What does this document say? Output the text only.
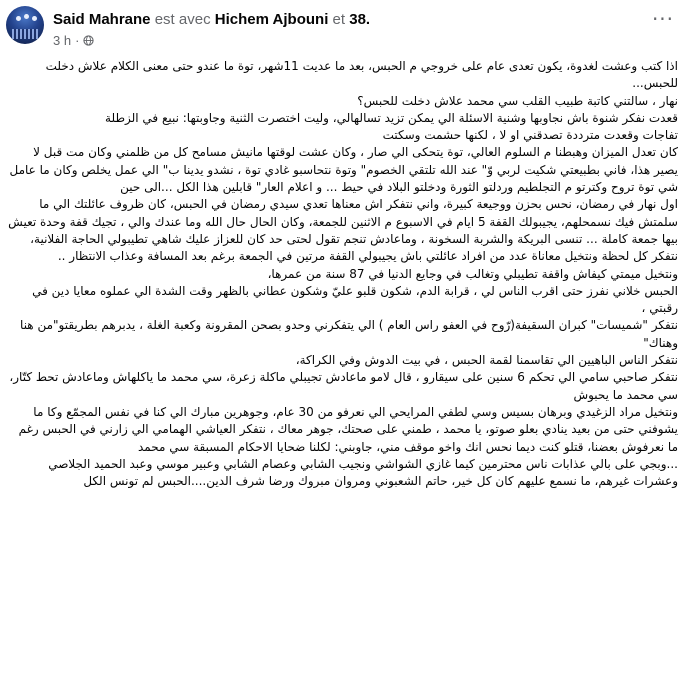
Said Mahrane est avec Hichem Ajbouni et 38.
3 h ·
···

اذا كتب وعشت لغدوة، يكون تعدى عام على خروجي م الحبس، بعد ما عديت 11شهر، توة ما عندو حتى معنى الكلام علاش دخلت للحبس...

نهار ، سالتني كاتبة طبيب القلب سي محمد علاش دخلت للحبس؟

قعدت نفكر شنوة باش نجاوبها وشنية الاسئلة الي يمكن تزيد تسالهالي، وليت اختصرت الثنية وجاوبتها: نبيع في الزطلة

تفاجات وقعدت مترددة تصدقني او لا ، لكنها حشمت وسكتت

كان تعدل الميزان وهبطنا م السلوم العالي، توة يتحكى الي صار ، وكان عشت لوقتها مانيش مسامح كل من ظلمني وكان مت قبل لا يصير هذا، فاني بطبيعتي شكيت لربي وّ" عند الله تلتقي الخصوم" وتوة نتحاسبو غادي توة ، نشدو يدينا ب" الي عمل يخلص وكان ما عامل شي توة تروح وكترتو م التجلطيم وردلتو الثورة ودخلتو البلاد في حيط ... و اعلام العار" قابلين هذا الكل ...الى حين

اول نهار في رمضان، نحس بحزن ووجيعة كبيرة، واني نتفكر اش معناها تعدي سيدي رمضان في الحبس، كان ظروف عائلتك الي ما سلمتش فيك نسمحلهم، يجيبولك القفة 5 ايام في الاسبوع م الاثنين للجمعة، وكان الحال حال الله وما عندك والي ، تجيك قفة وحدة تعيش بيها جمعة كاملة ... تنسى البريكة والشربة السخونة ، وماعادش تنجم تقول لحتى حد كان للعزاز عليك شاهي تطيبولي الحاجة الفلانية،

نتفكر كل لحظة ونتخيل معاناة عدد من افراد عائلتي باش يجيبولي القفة مرتين في الجمعة برغم بعد المسافة وعذاب الانتظار ..

ونتخيل ميمتي كيفاش واقفة تطيبلي وتغالب في وجايع الدنيا في 87 سنة من عمرها،

الحبس خلاني نفرز حتى اقرب الناس لي ، قرابة الدم، شكون قلبو عليّ وشكون عطاني بالظهر وقت الشدة الي عملوه معايا دين في رقبتي ،

نتفكر "شميسات" كبران السقيفة(رّوح في العفو راس العام ) الي يتفكرني وحدو بصحن المقرونة وكعبة الغلة ، يدبرهم بطريقتو"من هنا وهناك"

نتفكر الناس الباهيين الي تقاسمنا لقمة الحبس ، في بيت الدوش وفي الكراكة،

نتفكر صاحبي سامي الي تحكم 6 سنين على سيقارو ، قال لامو ماعادش تجيبلي ماكلة زعرة، سي محمد ما ياكلهاش وماعادش تحط كتّار، سي محمد ما يحبوش

ونتخيل مراد الزغيدي وبرهان بسيس وسي لطفي المرايحي الي نعرفو من 30 عام، وجوهرين مبارك الي كنا في نفس المجمّع وكا ما يشوفني حتى من بعيد ينادي بعلو صوتو، يا محمد ، طمني على صحتك، جوهر معاك ، نتفكر العياشي الهمامي الي زارني في الحبس رغم ما نعرفوش بعضنا، قتلو كنت ديما نحس انك واخو موقف مني، جاوبني: لكلنا ضحايا الاحكام المسبقة سي محمد

...وبجي على بالي عذابات ناس محترمين كيما غازي الشواشي ونجيب الشابي وعصام الشابي وعبير موسي وعبد الحميد الجلاصي وعشرات غيرهم، ما نسمع عليهم كان كل خير، حاتم الشعبوني ومروان مبروك ورضا شرف الدين....الحبس لم تونس الكل
